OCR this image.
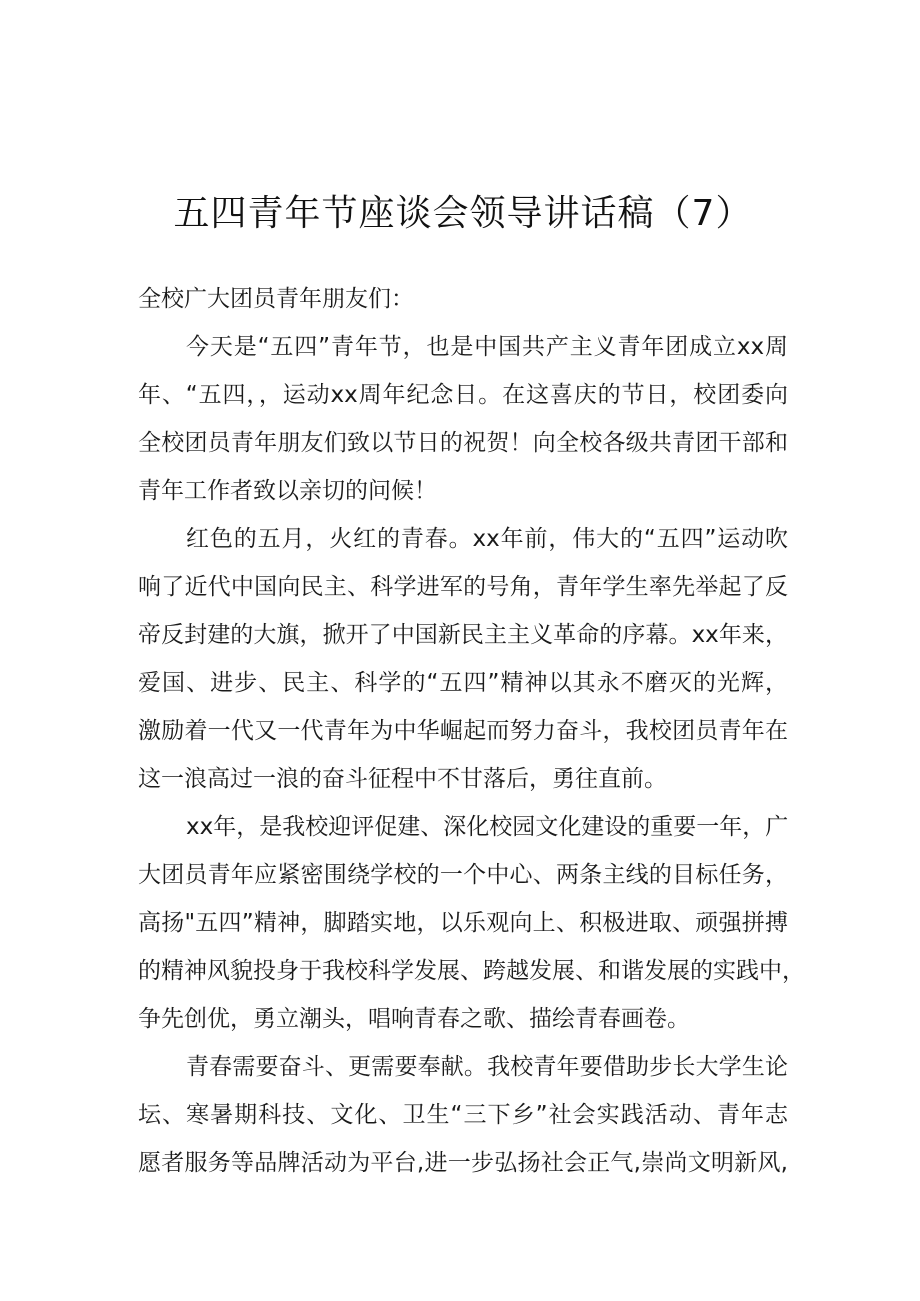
五四青年节座谈会领导讲话稿（7）

全校广大团员青年朋友们：

今天是“五四”青年节，也是中国共产主义青年团成立xx周
年、“五四，，运动xx周年纪念日。在这喜庆的节日，校团委向
全校团员青年朋友们致以节日的祝贺！向全校各级共青团干部和
青年工作者致以亲切的问候！
红色的五月，火红的青春。xx年前，伟大的“五四”运动吹
响了近代中国向民主、科学进军的号角，青年学生率先举起了反
帝反封建的大旗，掀开了中国新民主主义革命的序幕。xx年来，
爱国、进步、民主、科学的“五四”精神以其永不磨灭的光辉，
激励着一代又一代青年为中华崛起而努力奋斗，我校团员青年在
这一浪高过一浪的奋斗征程中不甘落后，勇往直前。
xx年，是我校迎评促建、深化校园文化建设的重要一年，广
大团员青年应紧密围绕学校的一个中心、两条主线的目标任务，
高扬"五四”精神，脚踏实地，以乐观向上、积极进取、顽强拼搏
的精神风貌投身于我校科学发展、跨越发展、和谐发展的实践中，
争先创优，勇立潮头，唱响青春之歌、描绘青春画卷。
青春需要奋斗、更需要奉献。我校青年要借助步长大学生论
坛、寒暑期科技、文化、卫生“三下乡”社会实践活动、青年志
愿者服务等品牌活动为平台,进一步弘扬社会正气,崇尚文明新风,
